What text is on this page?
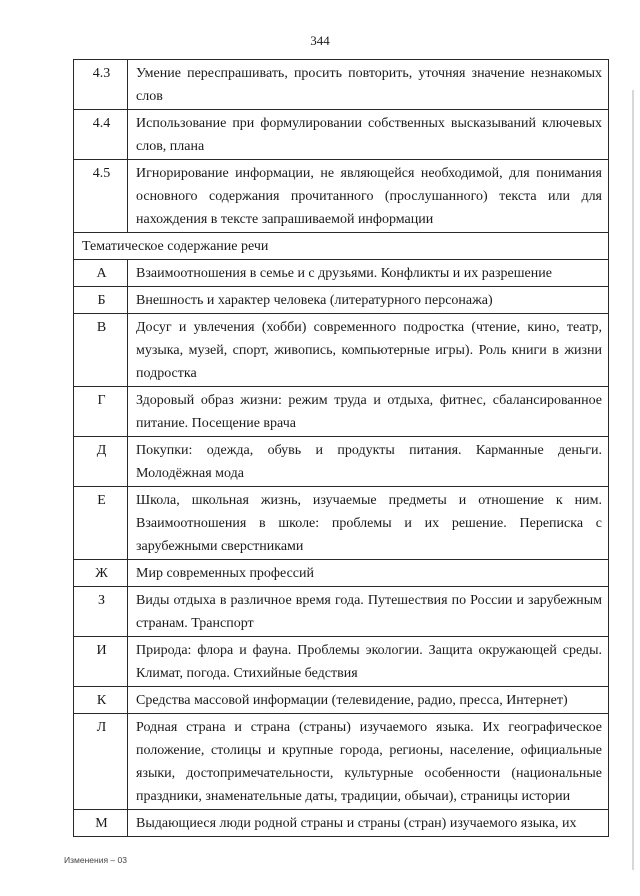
344
4.3	Умение переспрашивать, просить повторить, уточняя значение незнакомых слов
4.4	Использование при формулировании собственных высказываний ключевых слов, плана
4.5	Игнорирование информации, не являющейся необходимой, для понимания основного содержания прочитанного (прослушанного) текста или для нахождения в тексте запрашиваемой информации
Тематическое содержание речи	
А	Взаимоотношения в семье и с друзьями. Конфликты и их разрешение
Б	Внешность и характер человека (литературного персонажа)
В	Досуг и увлечения (хобби) современного подростка (чтение, кино, театр, музыка, музей, спорт, живопись, компьютерные игры). Роль книги в жизни подростка
Г	Здоровый образ жизни: режим труда и отдыха, фитнес, сбалансированное питание. Посещение врача
Д	Покупки: одежда, обувь и продукты питания. Карманные деньги. Молодёжная мода
Е	Школа, школьная жизнь, изучаемые предметы и отношение к ним. Взаимоотношения в школе: проблемы и их решение. Переписка с зарубежными сверстниками
Ж	Мир современных профессий
З	Виды отдыха в различное время года. Путешествия по России и зарубежным странам. Транспорт
И	Природа: флора и фауна. Проблемы экологии. Защита окружающей среды. Климат, погода. Стихийные бедствия
К	Средства массовой информации (телевидение, радио, пресса, Интернет)
Л	Родная страна и страна (страны) изучаемого языка. Их географическое положение, столицы и крупные города, регионы, население, официальные языки, достопримечательности, культурные особенности (национальные праздники, знаменательные даты, традиции, обычаи), страницы истории
М	Выдающиеся люди родной страны и страны (стран) изучаемого языка, их
Изменения – 03
